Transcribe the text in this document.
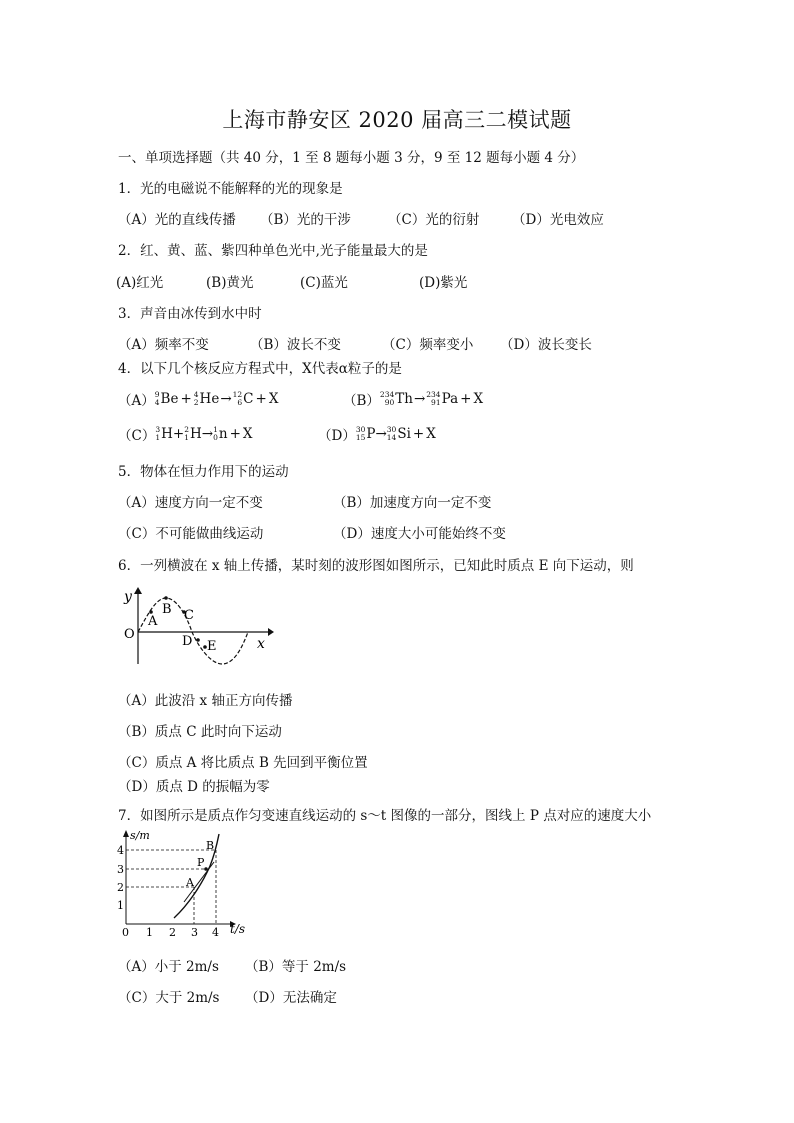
上海市静安区 2020 届高三二模试题
一、单项选择题（共 40 分，1 至 8 题每小题 3 分，9 至 12 题每小题 4 分）
1．光的电磁说不能解释的光的现象是
（A）光的直线传播 （B）光的干涉	（C）光的衍射 （D）光电效应
2．红、黄、蓝、紫四种单色光中,光子能量最大的是
(A)红光	(B)黄光	(C)蓝光	(D)紫光
3．声音由冰传到水中时
（A）频率不变	（B）波长不变	（C）频率变小 （D）波长变长
4．以下几个核反应方程式中，X代表α粒子的是
（A） 9
4 Be + 4
2 He → 12
6 C + X	（B） 234
90 Th → 234
91 Pa + X
（C） 3
1 H + 2
1 H → 1
0 n + X	（D） 30
15 P → 30
14 Si + X
5．物体在恒力作用下的运动
（A）速度方向一定不变	（B）加速度方向一定不变
（C）不可能做曲线运动	（D）速度大小可能始终不变
6．一列横波在 x 轴上传播，某时刻的波形图如图所示，已知此时质点 E 向下运动，则
y
x
O
A
B C
D E
（A）此波沿 x 轴正方向传播
（B）质点 C 此时向下运动
（C）质点 A 将比质点 B 先回到平衡位置
（D）质点 D 的振幅为零
7．如图所示是质点作匀变速直线运动的 s～t 图像的一部分，图线上 P 点对应的速度大小
0 1 2 3 4
1
2
3
4
s/m
t/s
A
P
B
（A）小于 2m/s （B）等于 2m/s
（C）大于 2m/s （D）无法确定
